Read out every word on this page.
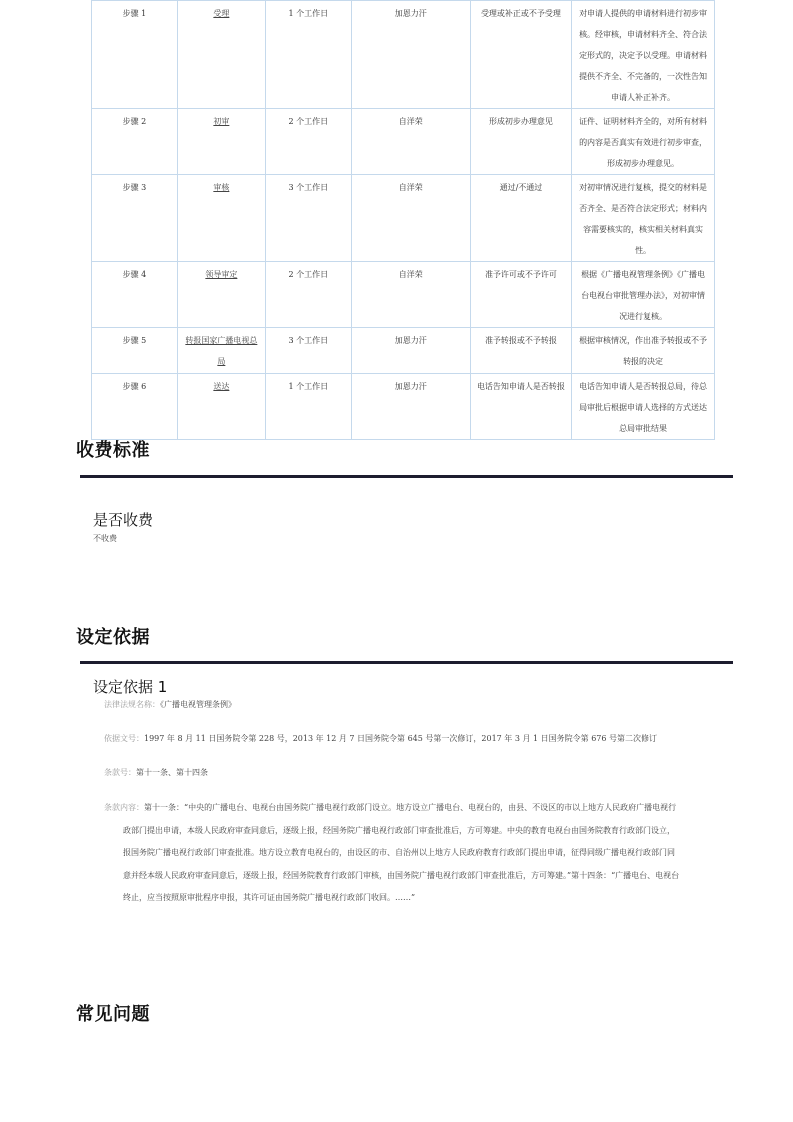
步骤 1	受理	1 个工作日	加恩力汗	受理或补正或不予受理	对申请人提供的申请材料进行初步审核。经审核，申请材料齐全、符合法定形式的，决定予以受理。申请材料提供不齐全、不完备的，一次性告知申请人补正补齐。
步骤 2	初审	2 个工作日	自洋荣	形成初步办理意见	证件、证明材料齐全的，对所有材料的内容是否真实有效进行初步审查，形成初步办理意见。
步骤 3	审核	3 个工作日	自洋荣	通过/不通过	对初审情况进行复核，提交的材料是否齐全、是否符合法定形式；材料内容需要核实的，核实相关材料真实性。
步骤 4	领导审定	2 个工作日	自洋荣	准予许可或不予许可	根据《广播电视管理条例》《广播电台电视台审批管理办法》，对初审情况进行复核。
步骤 5	转报国家广播电视总局	3 个工作日	加恩力汗	准予转报或不予转报	根据审核情况，作出准予转报或不予转报的决定
步骤 6	送达	1 个工作日	加恩力汗	电话告知申请人是否转报	电话告知申请人是否转报总局，待总局审批后根据申请人选择的方式送达总局审批结果
收费标准
是否收费
不收费
设定依据
设定依据 1
法律法规名称：《广播电视管理条例》
依据文号：1997 年 8 月 11 日国务院令第 228 号，2013 年 12 月 7 日国务院令第 645 号第一次修订，2017 年 3 月 1 日国务院令第 676 号第二次修订
条款号：第十一条、第十四条
条款内容：第十一条：“中央的广播电台、电视台由国务院广播电视行政部门设立。地方设立广播电台、电视台的，由县、不设区的市以上地方人民政府广播电视行政部门提出申请，本级人民政府审查同意后，逐级上报，经国务院广播电视行政部门审查批准后，方可筹建。中央的教育电视台由国务院教育行政部门设立，报国务院广播电视行政部门审查批准。地方设立教育电视台的，由设区的市、自治州以上地方人民政府教育行政部门提出申请，征得同级广播电视行政部门同意并经本级人民政府审查同意后，逐级上报，经国务院教育行政部门审核，由国务院广播电视行政部门审查批准后，方可筹建。”第十四条：“广播电台、电视台终止，应当按照原审批程序申报，其许可证由国务院广播电视行政部门收回。……”
常见问题
